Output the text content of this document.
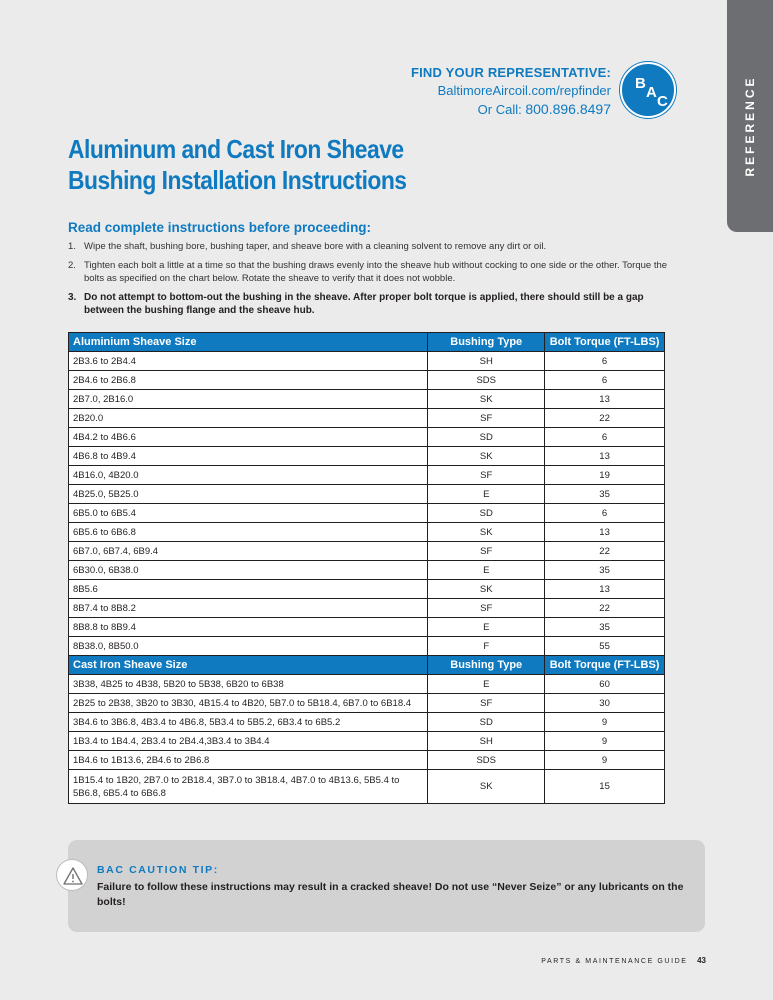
REFERENCE
FIND YOUR REPRESENTATIVE:
BaltimoreAircoil.com/repfinder
Or Call: 800.896.8497
B
A
C
Aluminum and Cast Iron Sheave
Bushing Installation Instructions
Read complete instructions before proceeding:
1. Wipe the shaft, bushing bore, bushing taper, and sheave bore with a cleaning solvent to remove any dirt or oil.
2. Tighten each bolt a little at a time so that the bushing draws evenly into the sheave hub without cocking to one side or the other. Torque the bolts as specified on the chart below. Rotate the sheave to verify that it does not wobble.
3. Do not attempt to bottom-out the bushing in the sheave. After proper bolt torque is applied, there should still be a gap between the bushing flange and the sheave hub.
Aluminium Sheave Size	Bushing Type	Bolt Torque (FT-LBS)
2B3.6 to 2B4.4	SH	6
2B4.6 to 2B6.8	SDS	6
2B7.0, 2B16.0	SK	13
2B20.0	SF	22
4B4.2 to 4B6.6	SD	6
4B6.8 to 4B9.4	SK	13
4B16.0, 4B20.0	SF	19
4B25.0, 5B25.0	E	35
6B5.0 to 6B5.4	SD	6
6B5.6 to 6B6.8	SK	13
6B7.0, 6B7.4, 6B9.4	SF	22
6B30.0, 6B38.0	E	35
8B5.6	SK	13
8B7.4 to 8B8.2	SF	22
8B8.8 to 8B9.4	E	35
8B38.0, 8B50.0	F	55
Cast Iron Sheave Size	Bushing Type	Bolt Torque (FT-LBS)
3B38, 4B25 to 4B38, 5B20 to 5B38, 6B20 to 6B38	E	60
2B25 to 2B38, 3B20 to 3B30, 4B15.4 to 4B20, 5B7.0 to 5B18.4, 6B7.0 to 6B18.4	SF	30
3B4.6 to 3B6.8, 4B3.4 to 4B6.8, 5B3.4 to 5B5.2, 6B3.4 to 6B5.2	SD	9
1B3.4 to 1B4.4, 2B3.4 to 2B4.4,3B3.4 to 3B4.4	SH	9
1B4.6 to 1B13.6, 2B4.6 to 2B6.8	SDS	9
1B15.4 to 1B20, 2B7.0 to 2B18.4, 3B7.0 to 3B18.4, 4B7.0 to 4B13.6, 5B5.4 to 5B6.8, 6B5.4 to 6B6.8	SK	15
BAC CAUTION TIP:
Failure to follow these instructions may result in a cracked sheave! Do not use “Never Seize” or any lubricants on the bolts!
PARTS & MAINTENANCE GUIDE 43
